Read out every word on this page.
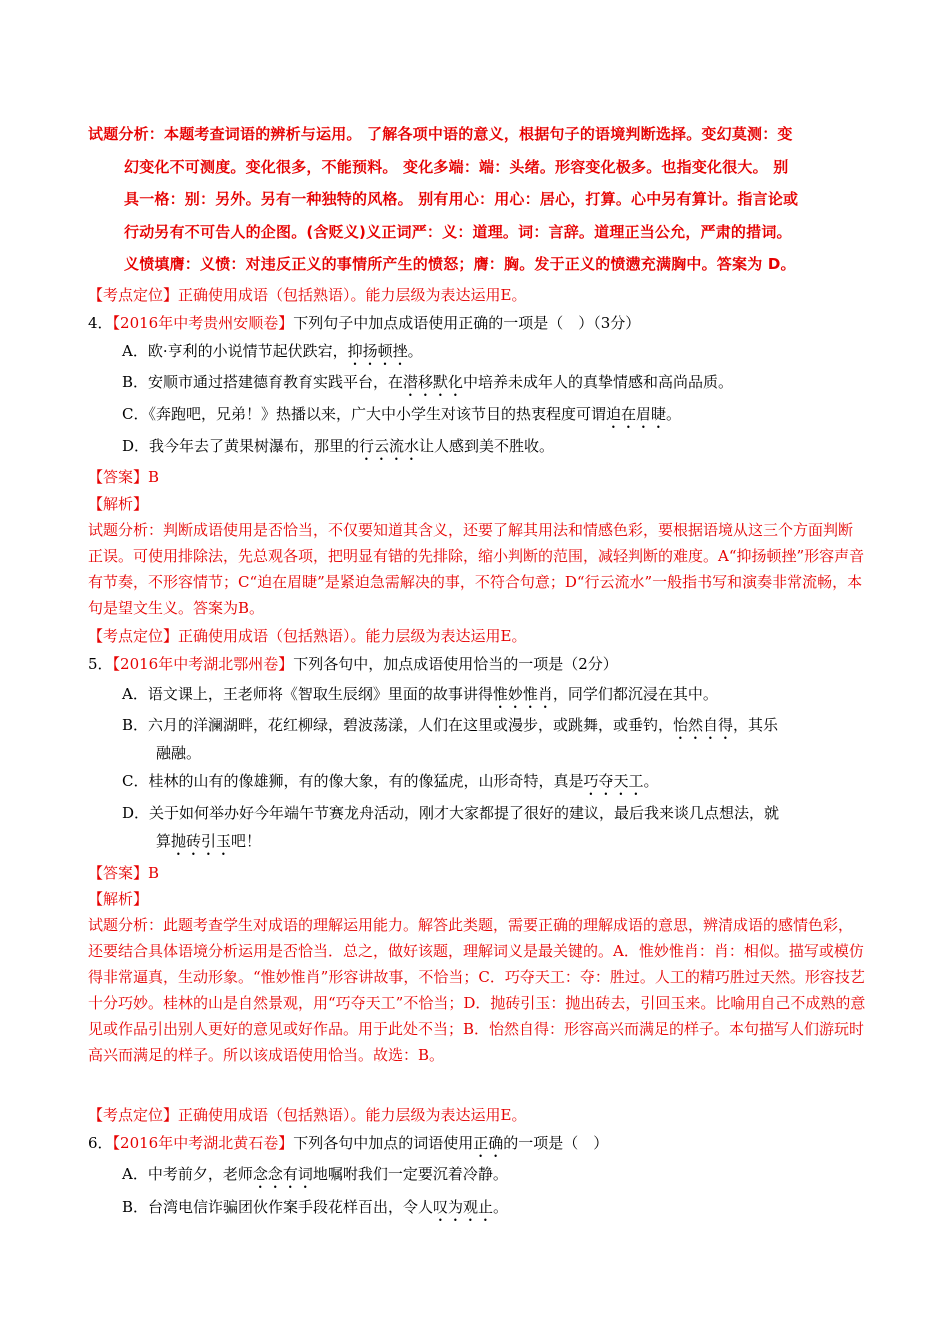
试题分析：本题考查词语的辨析与运用。 了解各项中语的意义，根据句子的语境判断选择。变幻莫测：变

幻变化不可测度。变化很多，不能预料。 变化多端：端：头绪。形容变化极多。也指变化很大。 别
具一格：别：另外。另有一种独特的风格。 别有用心：用心：居心，打算。心中另有算计。指言论或
行动另有不可告人的企图。(含贬义)义正词严：义：道理。词：言辞。道理正当公允，严肃的措词。
义愤填膺：义愤：对违反正义的事情所产生的愤怒；膺：胸。发于正义的愤懑充满胸中。答案为 D。
【考点定位】正确使用成语（包括熟语）。能力层级为表达运用E。
4．【2016年中考贵州安顺卷】下列句子中加点成语使用正确的一项是（　）（3分）
A．欧·亨利的小说情节起伏跌宕，抑扬顿挫。
B．安顺市通过搭建德育教育实践平台，在潜移默化中培养未成年人的真挚情感和高尚品质。
C．《奔跑吧，兄弟！》热播以来，广大中小学生对该节目的热衷程度可谓迫在眉睫。
D．我今年去了黄果树瀑布，那里的行云流水让人感到美不胜收。
【答案】B
【解析】
试题分析：判断成语使用是否恰当，不仅要知道其含义，还要了解其用法和情感色彩，要根据语境从这三个方面判断正误。可使用排除法，先总观各项，把明显有错的先排除，缩小判断的范围，减轻判断的难度。A“抑扬顿挫”形容声音有节奏，不形容情节；C“迫在眉睫”是紧迫急需解决的事，不符合句意；D“行云流水”一般指书写和演奏非常流畅，本句是望文生义。答案为B。
【考点定位】正确使用成语（包括熟语）。能力层级为表达运用E。
5．【2016年中考湖北鄂州卷】下列各句中，加点成语使用恰当的一项是（2分）
A．语文课上，王老师将《智取生辰纲》里面的故事讲得惟妙惟肖，同学们都沉浸在其中。
B．六月的洋澜湖畔，花红柳绿，碧波荡漾，人们在这里或漫步，或跳舞，或垂钓，怡然自得，其乐
融融。
C．桂林的山有的像雄狮，有的像大象，有的像猛虎，山形奇特，真是巧夺天工。
D．关于如何举办好今年端午节赛龙舟活动，刚才大家都提了很好的建议，最后我来谈几点想法，就
算抛砖引玉吧！
【答案】B
【解析】
试题分析：此题考查学生对成语的理解运用能力。解答此类题，需要正确的理解成语的意思，辨清成语的感情色彩，还要结合具体语境分析运用是否恰当．总之，做好该题，理解词义是最关键的。A．惟妙惟肖：肖：相似。描写或模仿得非常逼真，生动形象。“惟妙惟肖”形容讲故事，不恰当；C．巧夺天工：夺：胜过。人工的精巧胜过天然。形容技艺十分巧妙。桂林的山是自然景观，用“巧夺天工”不恰当；D．抛砖引玉：抛出砖去，引回玉来。比喻用自己不成熟的意见或作品引出别人更好的意见或好作品。用于此处不当；B．怡然自得：形容高兴而满足的样子。本句描写人们游玩时高兴而满足的样子。所以该成语使用恰当。故选：B。
【考点定位】正确使用成语（包括熟语）。能力层级为表达运用E。
6．【2016年中考湖北黄石卷】下列各句中加点的词语使用正确的一项是（　）
A．中考前夕，老师念念有词地嘱咐我们一定要沉着冷静。
B．台湾电信诈骗团伙作案手段花样百出，令人叹为观止。
